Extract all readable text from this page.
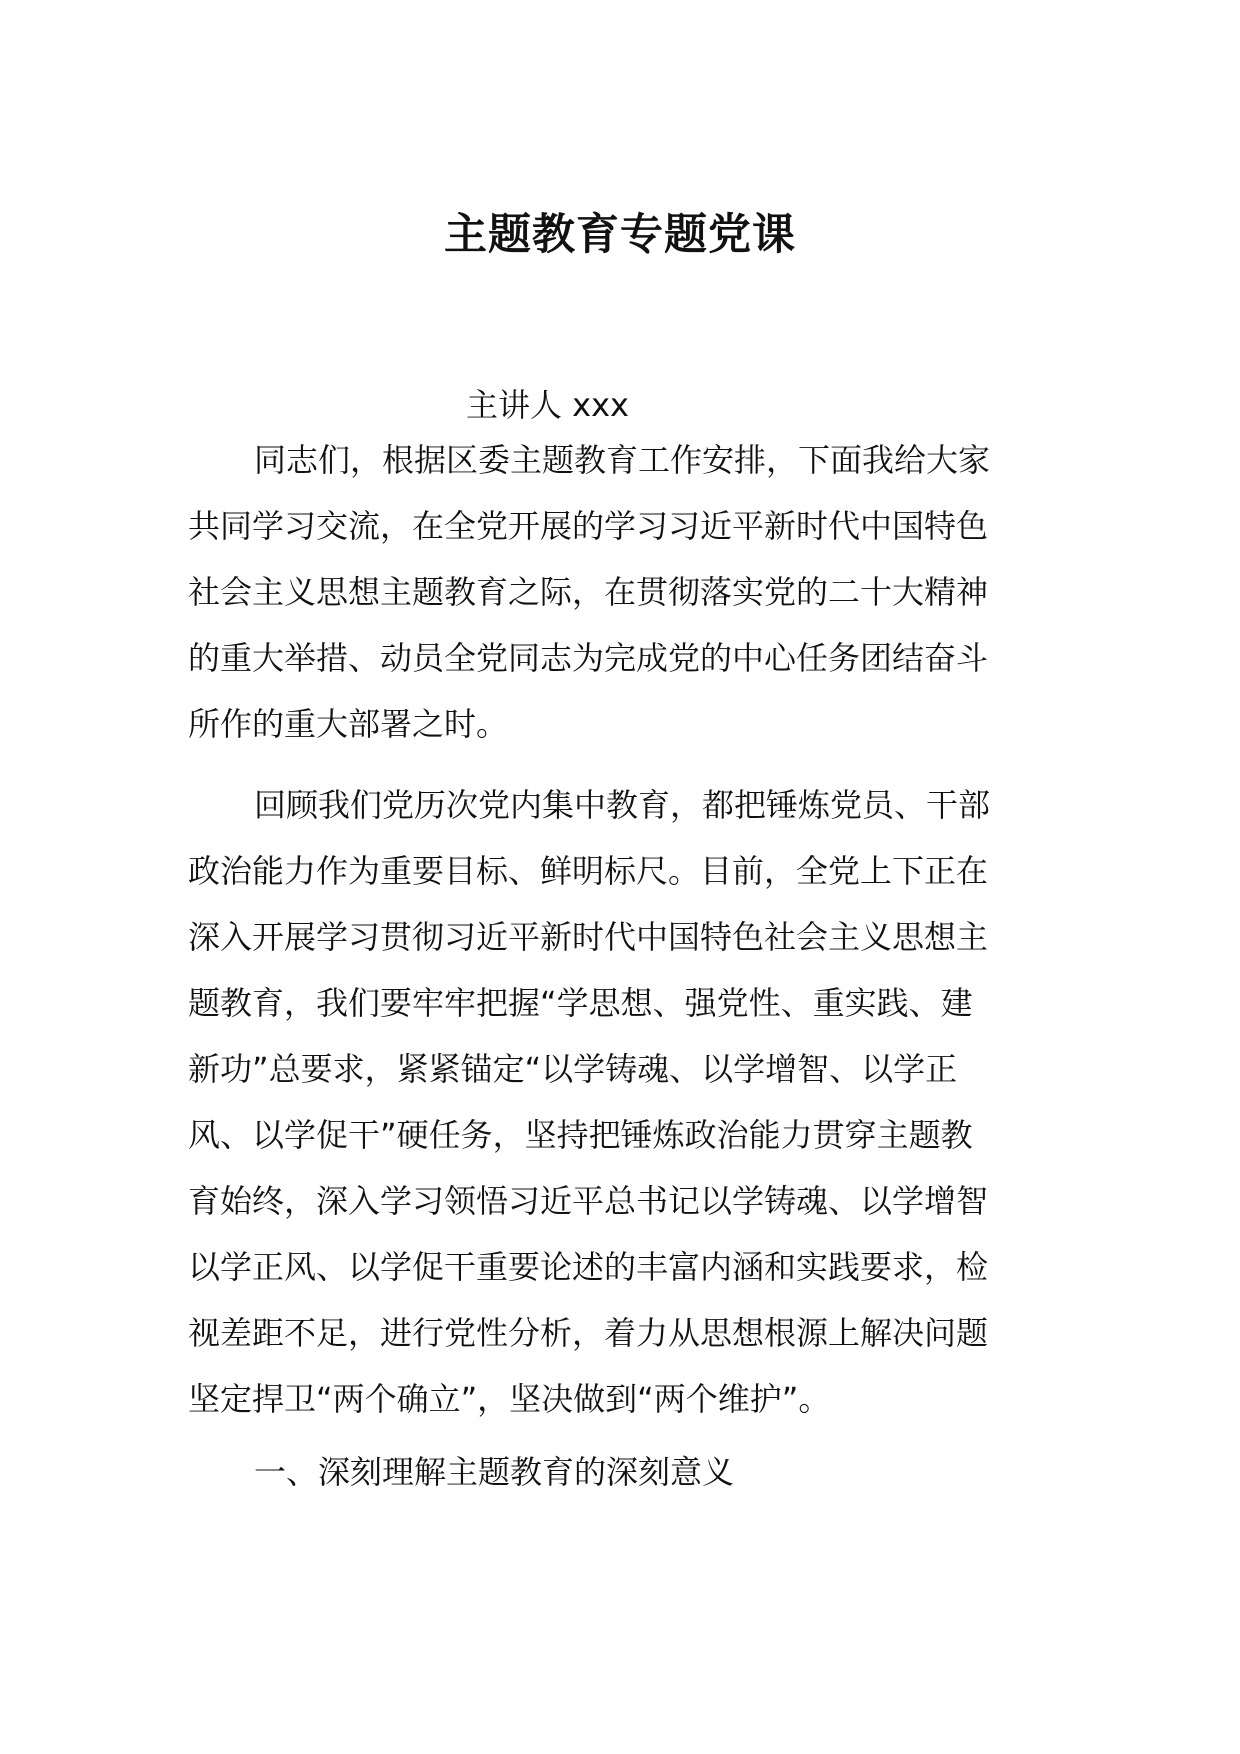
主题教育专题党课

主讲人 xxx

同志们，根据区委主题教育工作安排，下面我给大家
共同学习交流，在全党开展的学习习近平新时代中国特色
社会主义思想主题教育之际，在贯彻落实党的二十大精神
的重大举措、动员全党同志为完成党的中心任务团结奋斗
所作的重大部署之时。
回顾我们党历次党内集中教育，都把锤炼党员、干部
政治能力作为重要目标、鲜明标尺。目前，全党上下正在
深入开展学习贯彻习近平新时代中国特色社会主义思想主
题教育，我们要牢牢把握“学思想、强党性、重实践、建
新功”总要求，紧紧锚定“以学铸魂、以学增智、以学正
风、以学促干”硬任务，坚持把锤炼政治能力贯穿主题教
育始终，深入学习领悟习近平总书记以学铸魂、以学增智
以学正风、以学促干重要论述的丰富内涵和实践要求，检
视差距不足，进行党性分析，着力从思想根源上解决问题
坚定捍卫“两个确立”，坚决做到“两个维护”。

一、深刻理解主题教育的深刻意义
